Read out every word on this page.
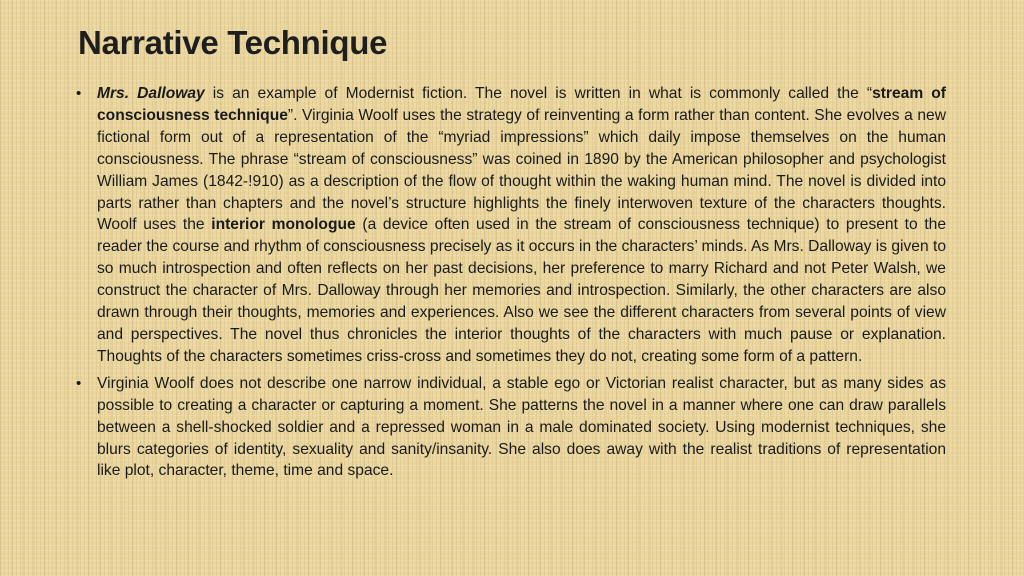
Narrative Technique
• Mrs. Dalloway is an example of Modernist fiction. The novel is written in what is commonly called the “stream of consciousness technique”. Virginia Woolf uses the strategy of reinventing a form rather than content. She evolves a new fictional form out of a representation of the “myriad impressions” which daily impose themselves on the human consciousness. The phrase “stream of consciousness” was coined in 1890 by the American philosopher and psychologist William James (1842-!910) as a description of the flow of thought within the waking human mind. The novel is divided into parts rather than chapters and the novel’s structure highlights the finely interwoven texture of the characters thoughts. Woolf uses the interior monologue (a device often used in the stream of consciousness technique) to present to the reader the course and rhythm of consciousness precisely as it occurs in the characters’ minds. As Mrs. Dalloway is given to so much introspection and often reflects on her past decisions, her preference to marry Richard and not Peter Walsh, we construct the character of Mrs. Dalloway through her memories and introspection. Similarly, the other characters are also drawn through their thoughts, memories and experiences. Also we see the different characters from several points of view and perspectives. The novel thus chronicles the interior thoughts of the characters with much pause or explanation. Thoughts of the characters sometimes criss-cross and sometimes they do not, creating some form of a pattern.
• Virginia Woolf does not describe one narrow individual, a stable ego or Victorian realist character, but as many sides as possible to creating a character or capturing a moment. She patterns the novel in a manner where one can draw parallels between a shell-shocked soldier and a repressed woman in a male dominated society. Using modernist techniques, she blurs categories of identity, sexuality and sanity/insanity. She also does away with the realist traditions of representation like plot, character, theme, time and space.
